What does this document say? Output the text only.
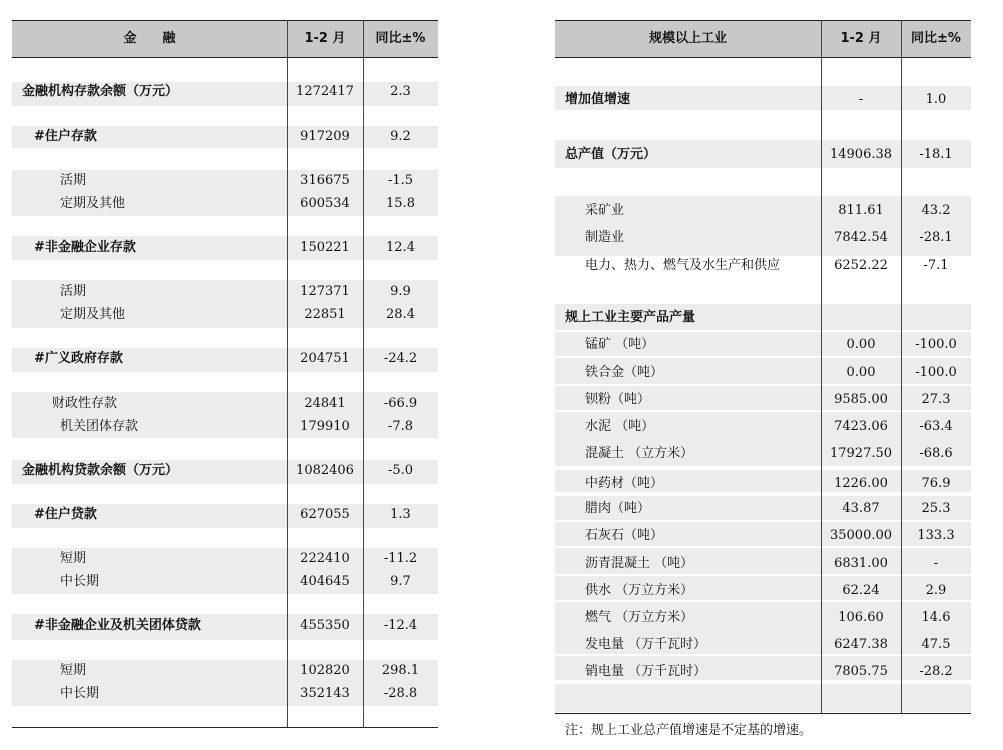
金　　融	1-2 月	同比±%
金融机构存款余额（万元）	1272417	2.3
#住户存款	917209	9.2
活期	316675	-1.5
定期及其他	600534	15.8
#非金融企业存款	150221	12.4
活期	127371	9.9
定期及其他	22851	28.4
#广义政府存款	204751	-24.2
财政性存款	24841	-66.9
机关团体存款	179910	-7.8
金融机构贷款余额（万元）	1082406	-5.0
#住户贷款	627055	1.3
短期	222410	-11.2
中长期	404645	9.7
#非金融企业及机关团体贷款	455350	-12.4
短期	102820	298.1
中长期	352143	-28.8
规模以上工业	1-2 月	同比±%
增加值增速	-	1.0
总产值（万元）	14906.38	-18.1
采矿业	811.61	43.2
制造业	7842.54	-28.1
电力、热力、燃气及水生产和供应	6252.22	-7.1
规上工业主要产品产量
锰矿 （吨）	0.00	-100.0
铁合金（吨）	0.00	-100.0
钡粉（吨）	9585.00	27.3
水泥 （吨）	7423.06	-63.4
混凝土 （立方米）	17927.50	-68.6
中药材（吨）	1226.00	76.9
腊肉（吨）	43.87	25.3
石灰石（吨）	35000.00	133.3
沥青混凝土 （吨）	6831.00	-
供水 （万立方米）	62.24	2.9
燃气 （万立方米）	106.60	14.6
发电量 （万千瓦时）	6247.38	47.5
销电量 （万千瓦时）	7805.75	-28.2
注：规上工业总产值增速是不定基的增速。
